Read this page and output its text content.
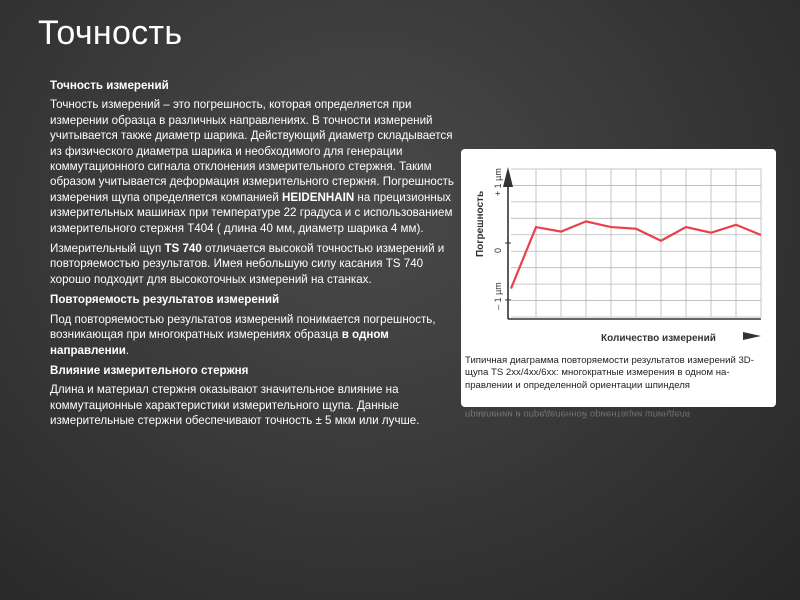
Точность

Точность измерений

Точность измерений – это погрешность, которая определяется при измерении образца в различных направлениях. В точности измерений учитывается также диаметр шарика. Действующий диаметр складывается из физического диаметра шарика и необходимого для генерации коммутационного сигнала отклонения измерительного стержня. Таким образом учитывается деформация измерительного стержня. Погрешность измерения щупа определяется компанией HEIDENHAIN на прецизионных измерительных машинах при температуре 22 градуса и с использованием измерительного стержня T404 ( длина 40 мм, диаметр шарика 4 мм).

Измерительный щуп TS 740 отличается высокой точностью измерений и повторяемостью результатов. Имея небольшую силу касания TS 740 хорошо подходит для высокоточных измерений на станках.

Повторяемость результатов измерений

Под повторяемостью результатов измерений понимается погрешность, возникающая при многократных измерениях образца в одном направлении.

Влияние измерительного стержня

Длина и материал стержня оказывают значительное влияние на коммутационные характеристики измерительного щупа. Данные измерительные стержни обеспечивают точность ± 5 мкм или лучше.

+ 1 µm
0
– 1 µm
Погрешность
Количество измерений
Типичная диаграмма повторяемости результатов измерений 3D-щупа TS 2xx/4xx/6xx: многократные измерения в одном на-правлении и определенной ориентации шпинделя
правлении и определенной ориентации шпинделя
